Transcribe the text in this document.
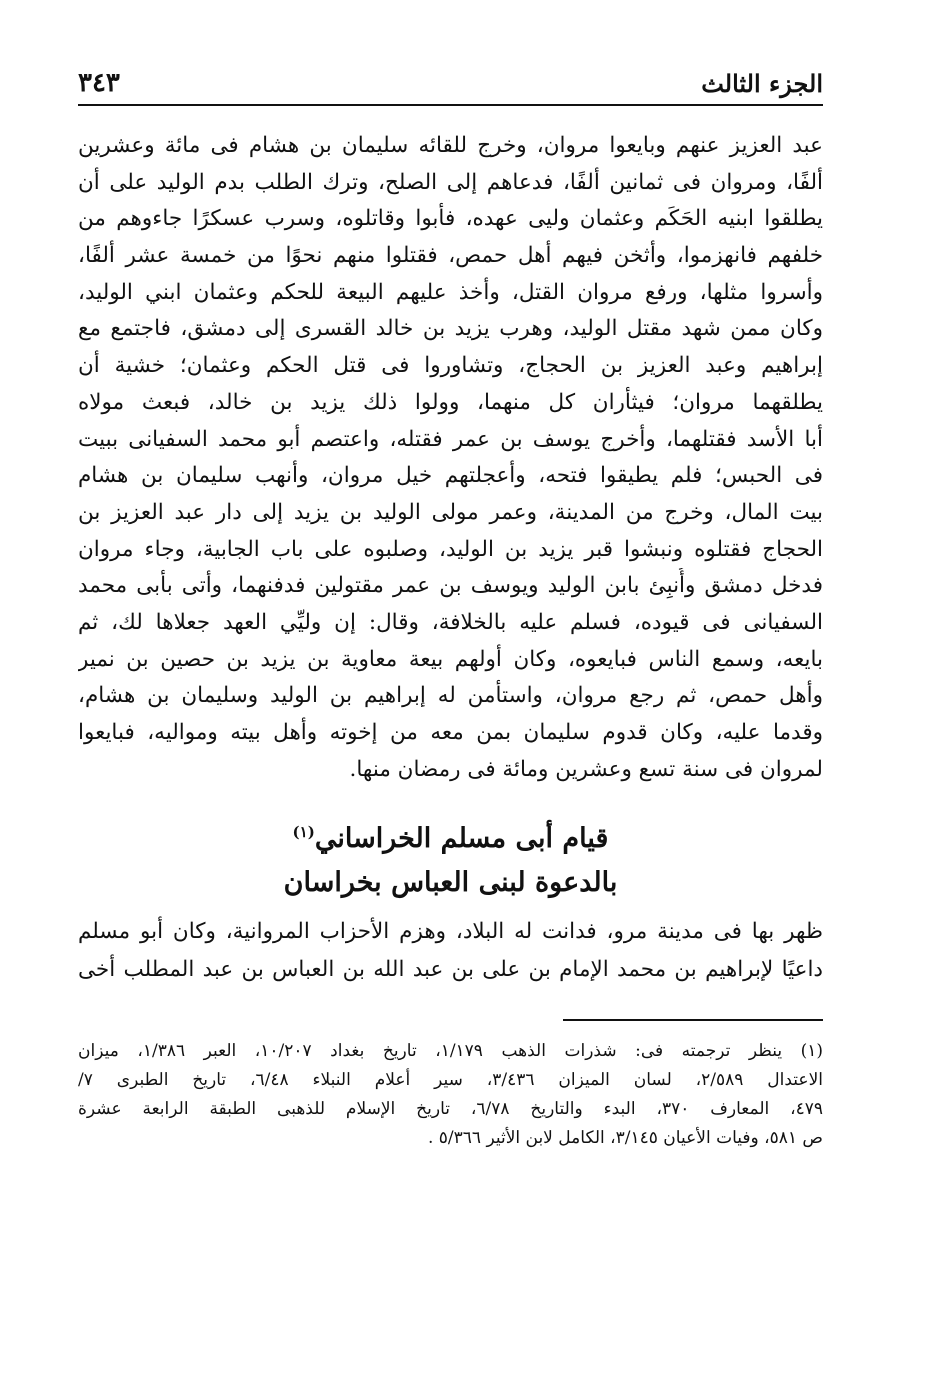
الجزء الثالث
٣٤٣
عبد العزيز عنهم وبايعوا مروان، وخرج للقائه سليمان بن هشام فى مائة وعشرين
ألفًا، ومروان فى ثمانين ألفًا، فدعاهم إلى الصلح، وترك الطلب بدم الوليد على أن
يطلقوا ابنيه الحَكَم وعثمان وليى عهده، فأبوا وقاتلوه، وسرب عسكرًا جاءوهم من
خلفهم فانهزموا، وأثخن فيهم أهل حمص، فقتلوا منهم نحوًا من خمسة عشر ألفًا،
وأسروا مثلها، ورفع مروان القتل، وأخذ عليهم البيعة للحكم وعثمان ابني الوليد،
وكان ممن شهد مقتل الوليد، وهرب يزيد بن خالد القسرى إلى دمشق، فاجتمع مع
إبراهيم وعبد العزيز بن الحجاج، وتشاوروا فى قتل الحكم وعثمان؛ خشية أن
يطلقهما مروان؛ فيثأران كل منهما، وولوا ذلك يزيد بن خالد، فبعث مولاه
أبا الأسد فقتلهما، وأخرج يوسف بن عمر فقتله، واعتصم أبو محمد السفيانى ببيت
فى الحبس؛ فلم يطيقوا فتحه، وأعجلتهم خيل مروان، وأنهب سليمان بن هشام
بيت المال، وخرج من المدينة، وعمر مولى الوليد بن يزيد إلى دار عبد العزيز بن
الحجاج فقتلوه ونبشوا قبر يزيد بن الوليد، وصلبوه على باب الجابية، وجاء مروان
فدخل دمشق وأُنبِئ بابن الوليد ويوسف بن عمر مقتولين فدفنهما، وأتى بأبى محمد
السفيانى فى قيوده، فسلم عليه بالخلافة، وقال: إن وليِّي العهد جعلاها لك، ثم
بايعه، وسمع الناس فبايعوه، وكان أولهم بيعة معاوية بن يزيد بن حصين بن نمير
وأهل حمص، ثم رجع مروان، واستأمن له إبراهيم بن الوليد وسليمان بن هشام،
وقدما عليه، وكان قدوم سليمان بمن معه من إخوته وأهل بيته ومواليه، فبايعوا
لمروان فى سنة تسع وعشرين ومائة فى رمضان منها.
قيام أبى مسلم الخراساني$^{(١)}$
بالدعوة لبنى العباس بخراسان
ظهر بها فى مدينة مرو، فدانت له البلاد، وهزم الأحزاب المروانية، وكان أبو مسلم
داعيًا لإبراهيم بن محمد الإمام بن على بن عبد الله بن العباس بن عبد المطلب أخى
(١) ينظر ترجمته فى: شذرات الذهب ١/١٧٩، تاريخ بغداد ١٠/٢٠٧، العبر ١/٣٨٦، ميزان
الاعتدال ٢/٥٨٩، لسان الميزان ٣/٤٣٦، سير أعلام النبلاء ٦/٤٨، تاريخ الطبرى ٧/
٤٧٩، المعارف ٣٧٠، البدء والتاريخ ٦/٧٨، تاريخ الإسلام للذهبى الطبقة الرابعة عشرة
ص ٥٨١، وفيات الأعيان ٣/١٤٥، الكامل لابن الأثير ٥/٣٦٦ .
